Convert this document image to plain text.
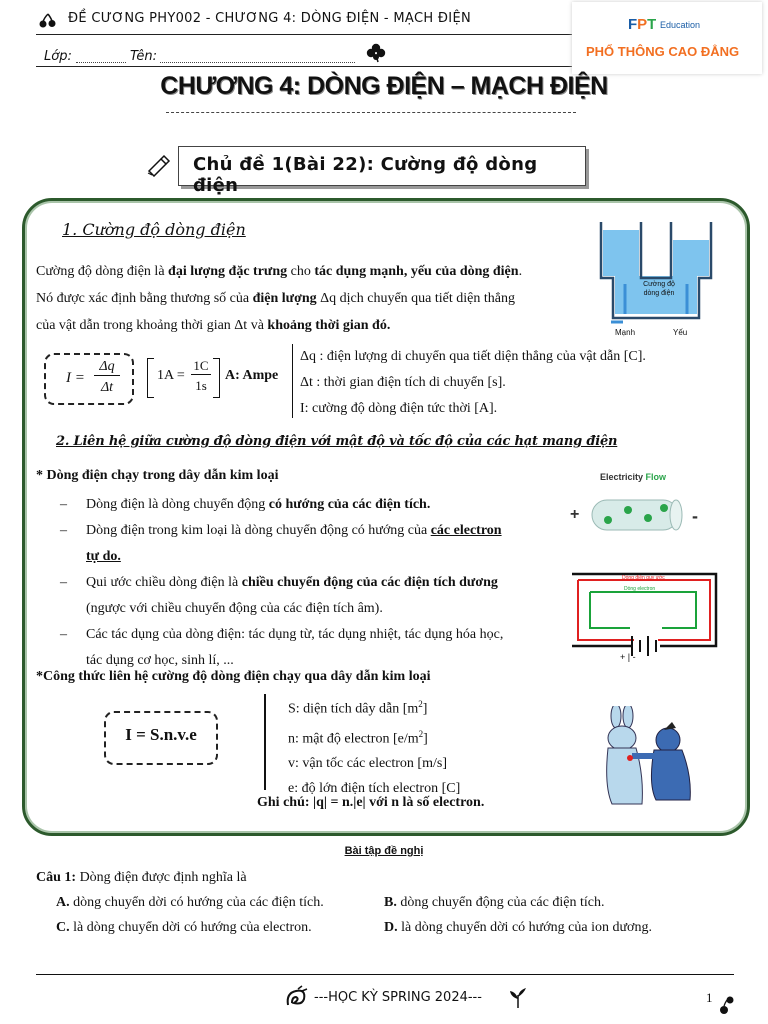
ĐỀ CƯƠNG PHY002 - CHƯƠNG 4: DÒNG ĐIỆN - MẠCH ĐIỆN
Lớp:	Tên:
FPT Education
PHỔ THÔNG CAO ĐẲNG
CHƯƠNG 4: DÒNG ĐIỆN – MẠCH ĐIỆN
Chủ đề 1(Bài 22): Cường độ dòng điện
1. Cường độ dòng điện
Cường độ dòng điện là đại lượng đặc trưng cho tác dụng mạnh, yếu của dòng điện.
Nó được xác định bằng thương số của điện lượng Δq dịch chuyển qua tiết diện thẳng
của vật dẫn trong khoảng thời gian Δt và khoảng thời gian đó.
Cường độ dòng điện
Mạnh	Yếu
I =
Δq
Δt
1A =
1C
1s
A: Ampe
Δq : điện lượng di chuyển qua tiết diện thẳng của vật dẫn [C].
Δt : thời gian điện tích di chuyển [s].
I: cường độ dòng điện tức thời [A].
2. Liên hệ giữa cường độ dòng điện với mật độ và tốc độ của các hạt mang điện
* Dòng điện chạy trong dây dẫn kim loại
– Dòng điện là dòng chuyển động có hướng của các điện tích.
– Dòng điện trong kim loại là dòng chuyển động có hướng của các electron
tự do.
– Qui ước chiều dòng điện là chiều chuyển động của các điện tích dương
(ngược với chiều chuyển động của các điện tích âm).
– Các tác dụng của dòng điện: tác dụng từ, tác dụng nhiệt, tác dụng hóa học,
tác dụng cơ học, sinh lí, ...
Electricity Flow
+	-
Dòng điện quy ước
Dòng electron
+ | -
*Công thức liên hệ cường độ dòng điện chạy qua dây dẫn kim loại
I = S.n.v.e
S: diện tích dây dẫn $[m^2]$
n: mật độ electron $[e/m^2]$
v: vận tốc các electron [m/s]
e: độ lớn điện tích electron [C]
Ghi chú: |q| = n.|e| với n là số electron.
Bài tập đề nghị
Câu 1: Dòng điện được định nghĩa là
A. dòng chuyển dời có hướng của các điện tích.	B. dòng chuyển động của các điện tích.
C. là dòng chuyển dời có hướng của electron.	D. là dòng chuyển dời có hướng của ion dương.
---HỌC KỲ SPRING 2024---	1
